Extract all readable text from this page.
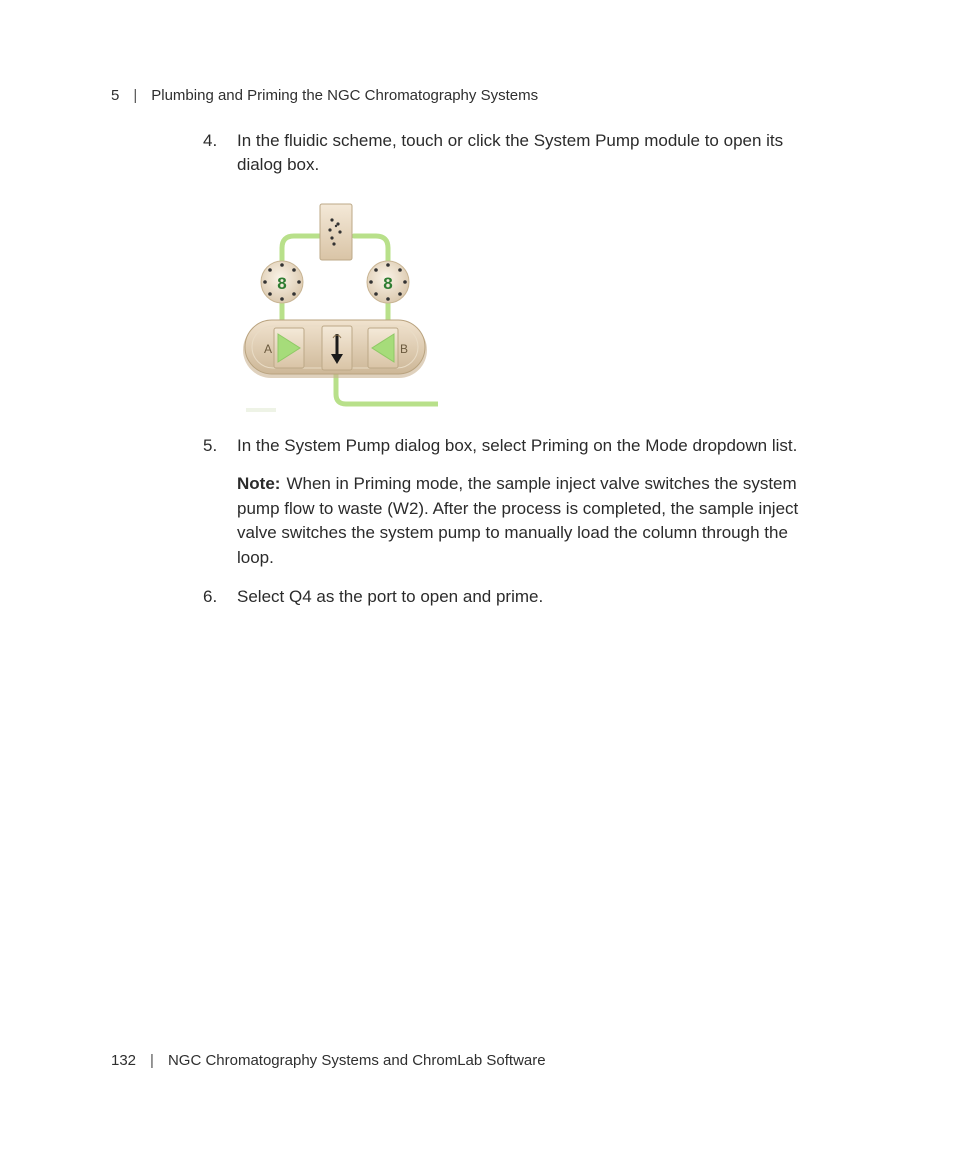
5 | Plumbing and Priming the NGC Chromatography Systems
4. In the fluidic scheme, touch or click the System Pump module to open its dialog box.
8	8
A	B
5. In the System Pump dialog box, select Priming on the Mode dropdown list.
Note: When in Priming mode, the sample inject valve switches the system pump flow to waste (W2). After the process is completed, the sample inject valve switches the system pump to manually load the column through the loop.
6. Select Q4 as the port to open and prime.
132 | NGC Chromatography Systems and ChromLab Software
